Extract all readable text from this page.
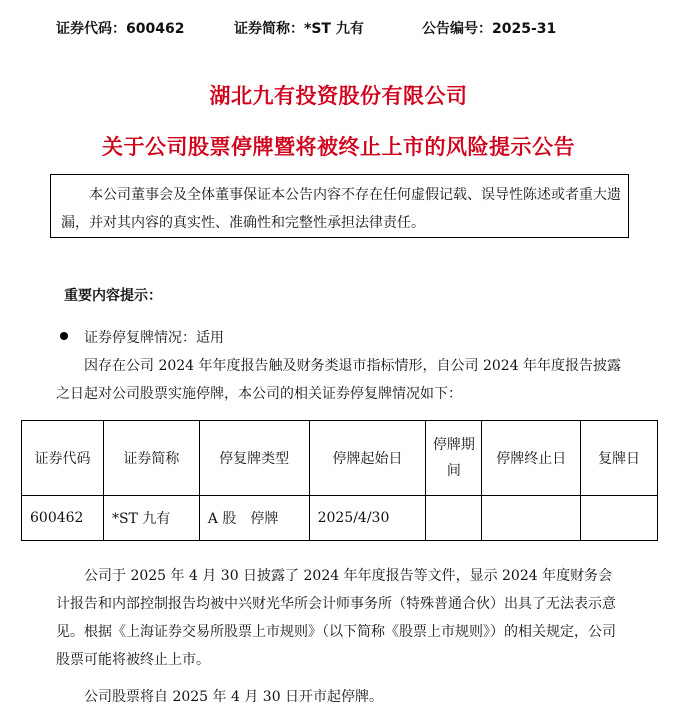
证券代码：600462	证券简称：*ST 九有	公告编号：2025-31
湖北九有投资股份有限公司
关于公司股票停牌暨将被终止上市的风险提示公告

本公司董事会及全体董事保证本公告内容不存在任何虚假记载、误导性陈述或者重大遗漏，并对其内容的真实性、准确性和完整性承担法律责任。

重要内容提示：
证券停复牌情况：适用

因存在公司 2024 年年度报告触及财务类退市指标情形，自公司 2024 年年度报告披露之日起对公司股票实施停牌，本公司的相关证券停复牌情况如下：

证券代码	证券简称	停复牌类型	停牌起始日	停牌期间	停牌终止日	复牌日
600462	*ST 九有	A 股　停牌	2025/4/30			

公司于 2025 年 4 月 30 日披露了 2024 年年度报告等文件，显示 2024 年度财务会计报告和内部控制报告均被中兴财光华所会计师事务所（特殊普通合伙）出具了无法表示意见。根据《上海证券交易所股票上市规则》（以下简称《股票上市规则》）的相关规定，公司股票可能将被终止上市。

公司股票将自 2025 年 4 月 30 日开市起停牌。
